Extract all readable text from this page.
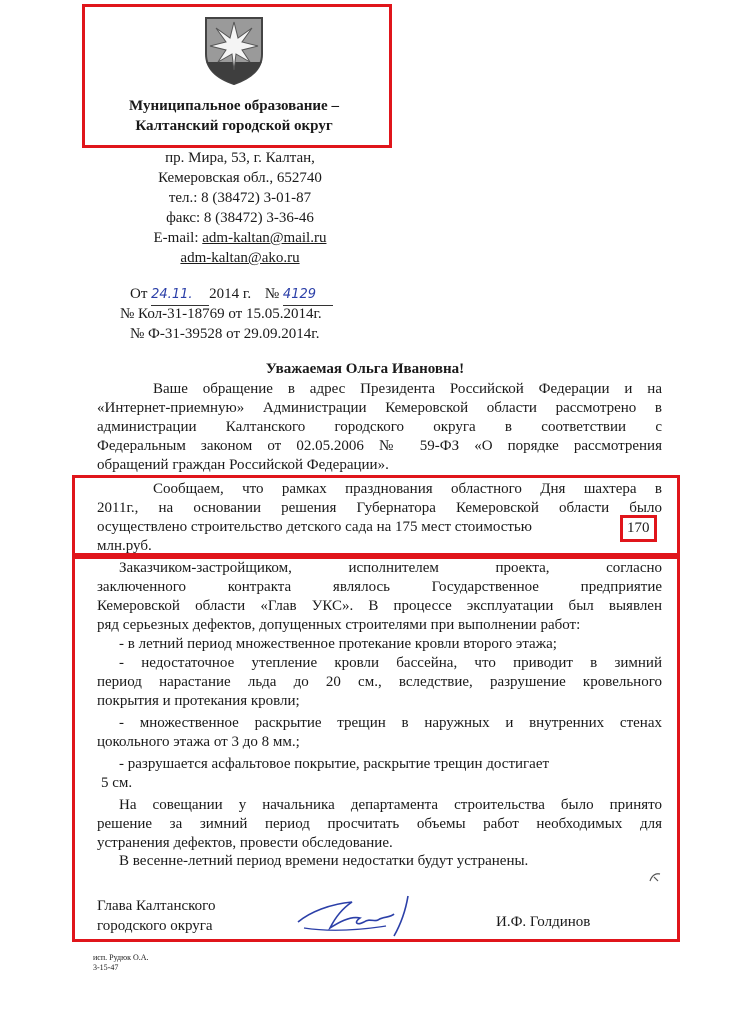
Муниципальное образование –
Калтанский городской округ
пр. Мира, 53, г. Калтан,
Кемеровская обл., 652740
тел.: 8 (38472) 3-01-87
факс: 8 (38472) 3-36-46
E-mail: adm-kaltan@mail.ru
adm-kaltan@ako.ru
От 24.11. 2014 г. № 4129
№ Кол-31-18769 от 15.05.2014г.
№ Ф-31-39528 от 29.09.2014г.
Уважаемая Ольга Ивановна!
Ваше обращение в адрес Президента Российской Федерации и на
«Интернет-приемную» Администрации Кемеровской области рассмотрено в
администрации Калтанского городского округа в соответствии с
Федеральным законом от 02.05.2006 № 59-ФЗ «О порядке рассмотрения
обращений граждан Российской Федерации».
Сообщаем, что рамках празднования областного Дня шахтера в
2011г., на основании решения Губернатора Кемеровской области было
осуществлено строительство детского сада на 175 мест стоимостью	170
млн.руб.
Заказчиком-застройщиком, исполнителем проекта, согласно
заключенного контракта являлось Государственное предприятие
Кемеровской области «Глав УКС». В процессе эксплуатации был выявлен
ряд серьезных дефектов, допущенных строителями при выполнении работ:
- в летний период множественное протекание кровли второго этажа;
- недостаточное утепление кровли бассейна, что приводит в зимний
период нарастание льда до 20 см., вследствие, разрушение кровельного
покрытия и протекания кровли;
- множественное раскрытие трещин в наружных и внутренних стенах
цокольного этажа от 3 до 8 мм.;
- разрушается асфальтовое покрытие, раскрытие трещин достигает
5 см.
На совещании у начальника департамента строительства было принято
решение за зимний период просчитать объемы работ необходимых для
устранения дефектов, провести обследование.
В весенне-летний период времени недостатки будут устранены.
Глава Калтанского
городского округа	И.Ф. Голдинов
исп. Рудюк О.А.
3-15-47
